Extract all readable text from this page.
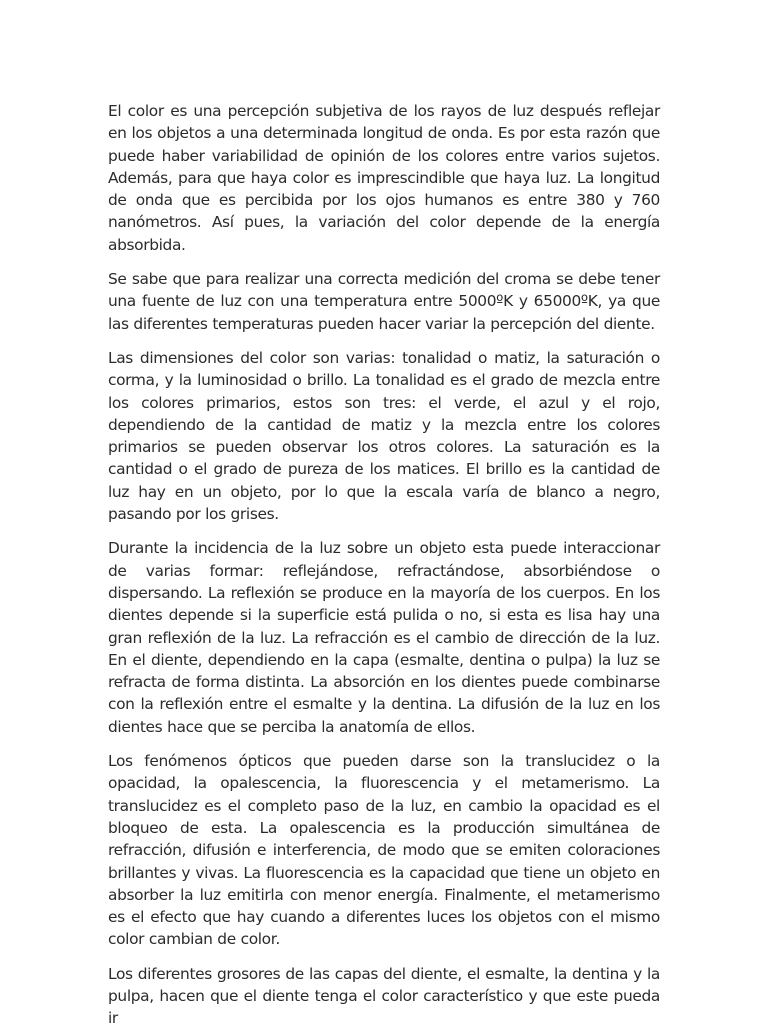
El color es una percepción subjetiva de los rayos de luz después reflejar en los objetos a una determinada longitud de onda. Es por esta razón que puede haber variabilidad de opinión de los colores entre varios sujetos. Además, para que haya color es imprescindible que haya luz. La longitud de onda que es percibida por los ojos humanos es entre 380 y 760 nanómetros. Así pues, la variación del color depende de la energía absorbida.

Se sabe que para realizar una correcta medición del croma se debe tener una fuente de luz con una temperatura entre 5000ºK y 65000ºK, ya que las diferentes temperaturas pueden hacer variar la percepción del diente.

Las dimensiones del color son varias: tonalidad o matiz, la saturación o corma, y la luminosidad o brillo. La tonalidad es el grado de mezcla entre los colores primarios, estos son tres: el verde, el azul y el rojo, dependiendo de la cantidad de matiz y la mezcla entre los colores primarios se pueden observar los otros colores. La saturación es la cantidad o el grado de pureza de los matices. El brillo es la cantidad de luz hay en un objeto, por lo que la escala varía de blanco a negro, pasando por los grises.

Durante la incidencia de la luz sobre un objeto esta puede interaccionar de varias formar: reflejándose, refractándose, absorbiéndose o dispersando. La reflexión se produce en la mayoría de los cuerpos. En los dientes depende si la superficie está pulida o no, si esta es lisa hay una gran reflexión de la luz. La refracción es el cambio de dirección de la luz. En el diente, dependiendo en la capa (esmalte, dentina o pulpa) la luz se refracta de forma distinta. La absorción en los dientes puede combinarse con la reflexión entre el esmalte y la dentina. La difusión de la luz en los dientes hace que se perciba la anatomía de ellos.

Los fenómenos ópticos que pueden darse son la translucidez o la opacidad, la opalescencia, la fluorescencia y el metamerismo. La translucidez es el completo paso de la luz, en cambio la opacidad es el bloqueo de esta. La opalescencia es la producción simultánea de refracción, difusión e interferencia, de modo que se emiten coloraciones brillantes y vivas. La fluorescencia es la capacidad que tiene un objeto en absorber la luz emitirla con menor energía. Finalmente, el metamerismo es el efecto que hay cuando a diferentes luces los objetos con el mismo color cambian de color.

Los diferentes grosores de las capas del diente, el esmalte, la dentina y la pulpa, hacen que el diente tenga el color característico y que este pueda ir
